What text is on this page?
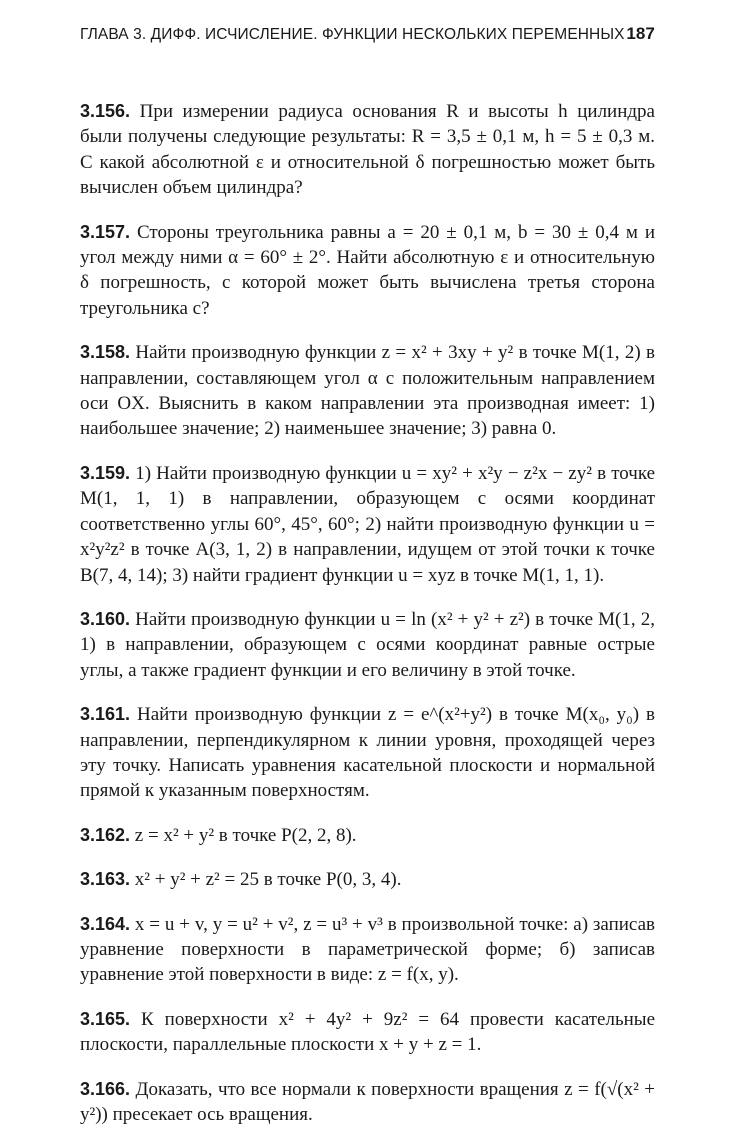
ГЛАВА 3. ДИФФ. ИСЧИСЛЕНИЕ. ФУНКЦИИ НЕСКОЛЬКИХ ПЕРЕМЕННЫХ 187

3.156. При измерении радиуса основания R и высоты h цилиндра были получены следующие результаты: R = 3,5 ± 0,1 м, h = 5 ± 0,3 м. С какой абсолютной ε и относительной δ погрешностью может быть вычислен объем цилиндра?

3.157. Стороны треугольника равны a = 20 ± 0,1 м, b = 30 ± 0,4 м и угол между ними α = 60° ± 2°. Найти абсолютную ε и относительную δ погрешность, с которой может быть вычислена третья сторона треугольника c?

3.158. Найти производную функции z = x² + 3xy + y² в точке M(1, 2) в направлении, составляющем угол α с положительным направлением оси OX. Выяснить в каком направлении эта производная имеет: 1) наибольшее значение; 2) наименьшее значение; 3) равна 0.

3.159. 1) Найти производную функции u = xy² + x²y − z²x − zy² в точке M(1, 1, 1) в направлении, образующем с осями координат соответственно углы 60°, 45°, 60°; 2) найти производную функции u = x²y²z² в точке A(3, 1, 2) в направлении, идущем от этой точки к точке B(7, 4, 14); 3) найти градиент функции u = xyz в точке M(1, 1, 1).

3.160. Найти производную функции u = ln (x² + y² + z²) в точке M(1, 2, 1) в направлении, образующем с осями координат равные острые углы, а также градиент функции и его величину в этой точке.

3.161. Найти производную функции z = e^(x²+y²) в точке M(x₀, y₀) в направлении, перпендикулярном к линии уровня, проходящей через эту точку. Написать уравнения касательной плоскости и нормальной прямой к указанным поверхностям.

3.162. z = x² + y² в точке P(2, 2, 8).

3.163. x² + y² + z² = 25 в точке P(0, 3, 4).

3.164. x = u + v, y = u² + v², z = u³ + v³ в произвольной точке: а) записав уравнение поверхности в параметрической форме; б) записав уравнение этой поверхности в виде: z = f(x, y).

3.165. К поверхности x² + 4y² + 9z² = 64 провести касательные плоскости, параллельные плоскости x + y + z = 1.

3.166. Доказать, что все нормали к поверхности вращения z = f(√(x² + y²)) пресекает ось вращения.
